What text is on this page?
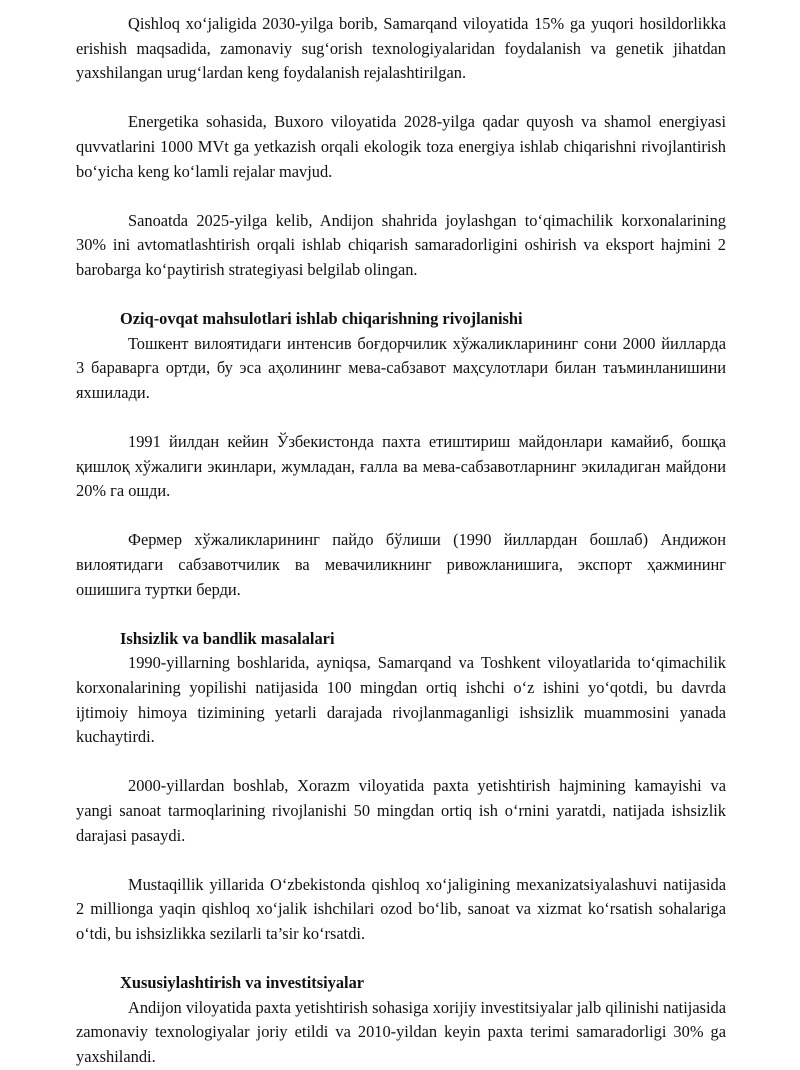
Qishloq xo‘jaligida 2030-yilga borib, Samarqand viloyatida 15% ga yuqori hosildorlikka erishish maqsadida, zamonaviy sug‘orish texnologiyalaridan foydalanish va genetik jihatdan yaxshilangan urug‘lardan keng foydalanish rejalashtirilgan.

Energetika sohasida, Buxoro viloyatida 2028-yilga qadar quyosh va shamol energiyasi quvvatlarini 1000 MVt ga yetkazish orqali ekologik toza energiya ishlab chiqarishni rivojlantirish bo‘yicha keng ko‘lamli rejalar mavjud.

Sanoatda 2025-yilga kelib, Andijon shahrida joylashgan to‘qimachilik korxonalarining 30% ini avtomatlashtirish orqali ishlab chiqarish samaradorligini oshirish va eksport hajmini 2 barobarga ko‘paytirish strategiyasi belgilab olingan.

Oziq-ovqat mahsulotlari ishlab chiqarishning rivojlanishi

Тошкент вилоятидаги интенсив боғдорчилик хўжаликларининг сони 2000 йилларда 3 бараварга ортди, бу эса аҳолининг мева-сабзавот маҳсулотлари билан таъминланишини яхшилади.

1991 йилдан кейин Ўзбекистонда пахта етиштириш майдонлари камайиб, бошқа қишлоқ хўжалиги экинлари, жумладан, ғалла ва мева-сабзавотларнинг экиладиган майдони 20% га ошди.

Фермер хўжаликларининг пайдо бўлиши (1990 йиллардан бошлаб) Андижон вилоятидаги сабзавотчилик ва мевачиликнинг ривожланишига, экспорт ҳажмининг ошишига туртки берди.

Ishsizlik va bandlik masalalari

1990-yillarning boshlarida, ayniqsa, Samarqand va Toshkent viloyatlarida to‘qimachilik korxonalarining yopilishi natijasida 100 mingdan ortiq ishchi o‘z ishini yo‘qotdi, bu davrda ijtimoiy himoya tizimining yetarli darajada rivojlanmaganligi ishsizlik muammosini yanada kuchaytirdi.

2000-yillardan boshlab, Xorazm viloyatida paxta yetishtirish hajmining kamayishi va yangi sanoat tarmoqlarining rivojlanishi 50 mingdan ortiq ish o‘rnini yaratdi, natijada ishsizlik darajasi pasaydi.

Mustaqillik yillarida O‘zbekistonda qishloq xo‘jaligining mexanizatsiyalashuvi natijasida 2 millionga yaqin qishloq xo‘jalik ishchilari ozod bo‘lib, sanoat va xizmat ko‘rsatish sohalariga o‘tdi, bu ishsizlikka sezilarli ta’sir ko‘rsatdi.

Xususiylashtirish va investitsiyalar

Andijon viloyatida paxta yetishtirish sohasiga xorijiy investitsiyalar jalb qilinishi natijasida zamonaviy texnologiyalar joriy etildi va 2010-yildan keyin paxta terimi samaradorligi 30% ga yaxshilandi.
